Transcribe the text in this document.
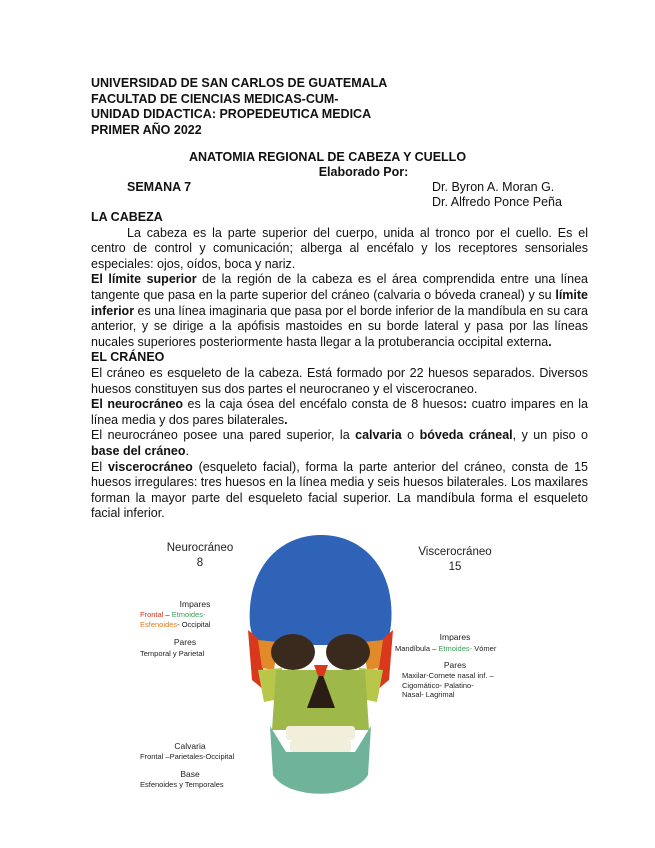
UNIVERSIDAD DE SAN CARLOS DE GUATEMALA
FACULTAD DE CIENCIAS MEDICAS-CUM-
UNIDAD DIDACTICA: PROPEDEUTICA MEDICA
PRIMER AÑO 2022
ANATOMIA REGIONAL DE CABEZA Y CUELLO
Elaborado Por:
SEMANA 7	Dr. Byron A. Moran G.
Dr. Alfredo Ponce Peña

LA CABEZA

La cabeza es la parte superior del cuerpo, unida al tronco por el cuello. Es el centro de control y comunicación; alberga al encéfalo y los receptores sensoriales especiales: ojos, oídos, boca y nariz.

El límite superior de la región de la cabeza es el área comprendida entre una línea tangente que pasa en la parte superior del cráneo (calvaria o bóveda craneal) y su límite inferior es una línea imaginaria que pasa por el borde inferior de la mandíbula en su cara anterior, y se dirige a la apófisis mastoides en su borde lateral y pasa por las líneas nucales superiores posteriormente hasta llegar a la protuberancia occipital externa.

EL CRÁNEO

El cráneo es esqueleto de la cabeza. Está formado por 22 huesos separados. Diversos huesos constituyen sus dos partes el neurocraneo y el viscerocraneo.

El neurocráneo es la caja ósea del encéfalo consta de 8 huesos: cuatro impares en la línea media y dos pares bilaterales.

El neurocráneo posee una pared superior, la calvaria o bóveda cráneal, y un piso o base del cráneo.

El viscerocráneo (esqueleto facial), forma la parte anterior del cráneo, consta de 15 huesos irregulares: tres huesos en la línea media y seis huesos bilaterales. Los maxilares forman la mayor parte del esqueleto facial superior. La mandíbula forma el esqueleto facial inferior.

Neurocráneo
8
Viscerocráneo
15
Impares
Frontal – Etmoides-
Esfenoides- Occipital
Pares
Temporal y Parietal
Calvaria
Frontal –Parietales-Occipital
Base
Esfenoides y Temporales
Impares
Mandíbula – Etmoides- Vómer
Pares
Maxilar-Cornete nasal inf. –
Cigomático- Palatino-
Nasal- Lagrimal
